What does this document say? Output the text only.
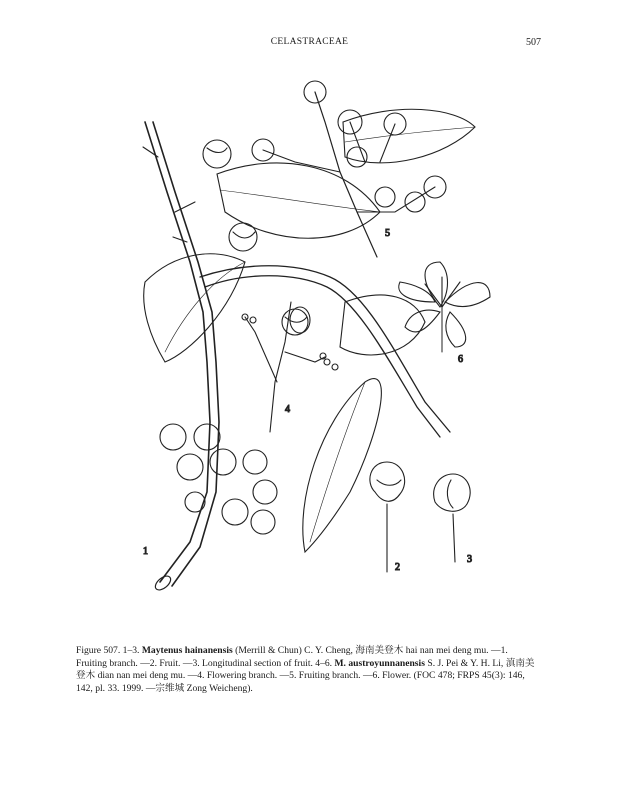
CELASTRACEAE	507
1
2
3
4
5
6
Figure 507. 1–3. Maytenus hainanensis (Merrill & Chun) C. Y. Cheng, 海南美登木 hai nan mei deng mu. —1. Fruiting branch. —2. Fruit. —3. Longitudinal section of fruit. 4–6. M. austroyunnanensis S. J. Pei & Y. H. Li, 滇南美登木 dian nan mei deng mu. —4. Flowering branch. —5. Fruiting branch. —6. Flower. (FOC 478; FRPS 45(3): 146, 142, pl. 33. 1999. —宗维城 Zong Weicheng).
